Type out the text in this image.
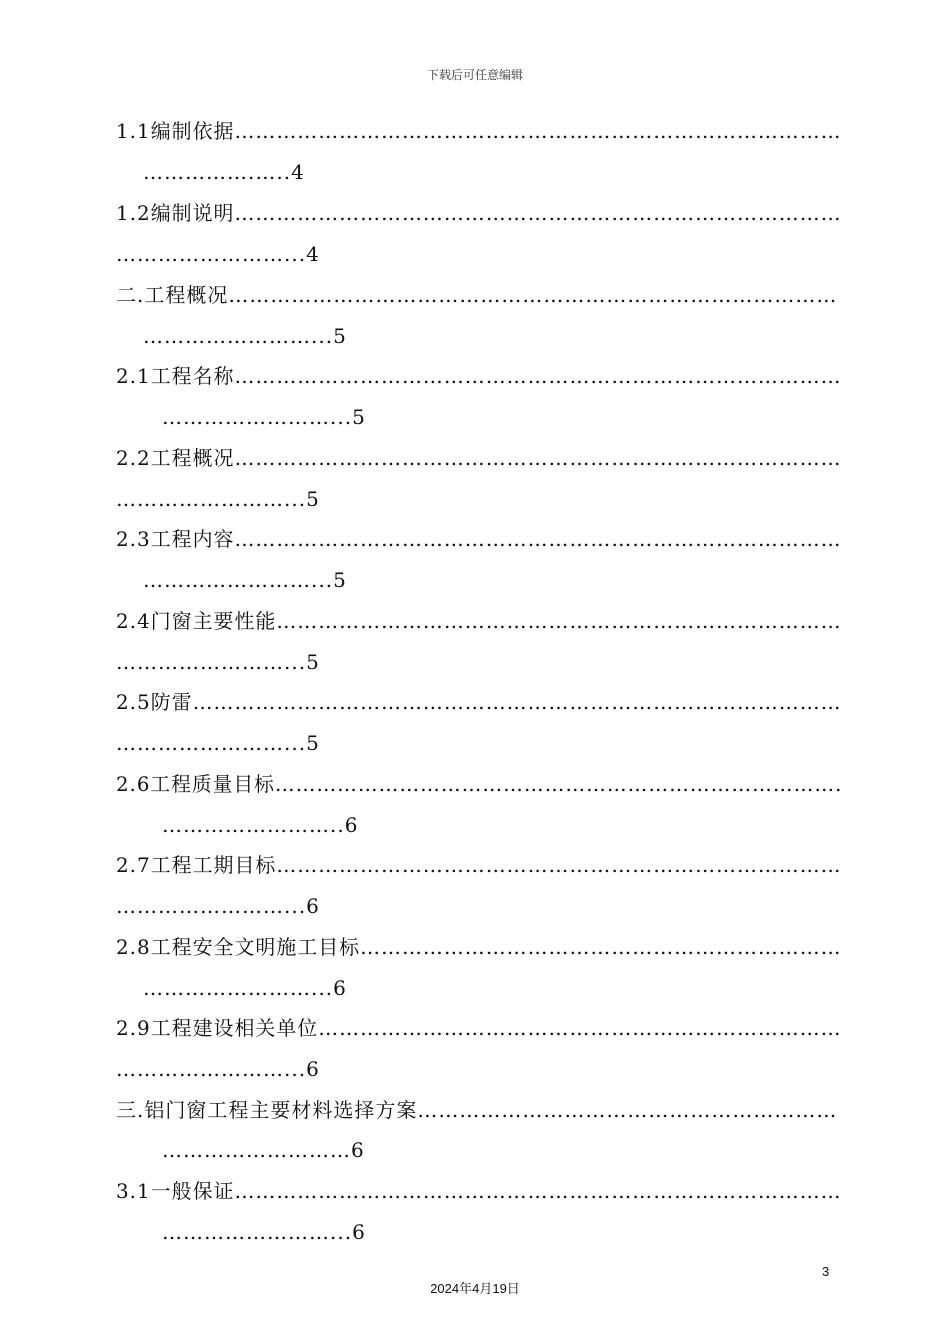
下载后可任意编辑
1.1编制依据……………………………………………………………………………
…………….…..4
1.2编制说明……………………………………………………………………………
……………………...4
二.工程概况……………………………………………………………………………
……………………...5
2.1工程名称……………………………………………………………………………
……………………...5
2.2工程概况……………………………………………………………………………
……………………...5
2.3工程内容……………………………………………………………………………
……………………...5
2.4门窗主要性能………………………………………………………………………
……………………...5
2.5防雷…………………………………………………………………………………
……………………...5
2.6工程质量目标……………………………………………………………………….
……………………..6
2.7工程工期目标………………………………………………………………………
……………………...6
2.8工程安全文明施工目标……………………………………………………………
……………………...6
2.9工程建设相关单位…………………………………………………………………
……………………...6
三.铝门窗工程主要材料选择方案……………………………………………………
………………………6
3.1一般保证……………………………………………………………………………
……………………...6
3
2024年4月19日
